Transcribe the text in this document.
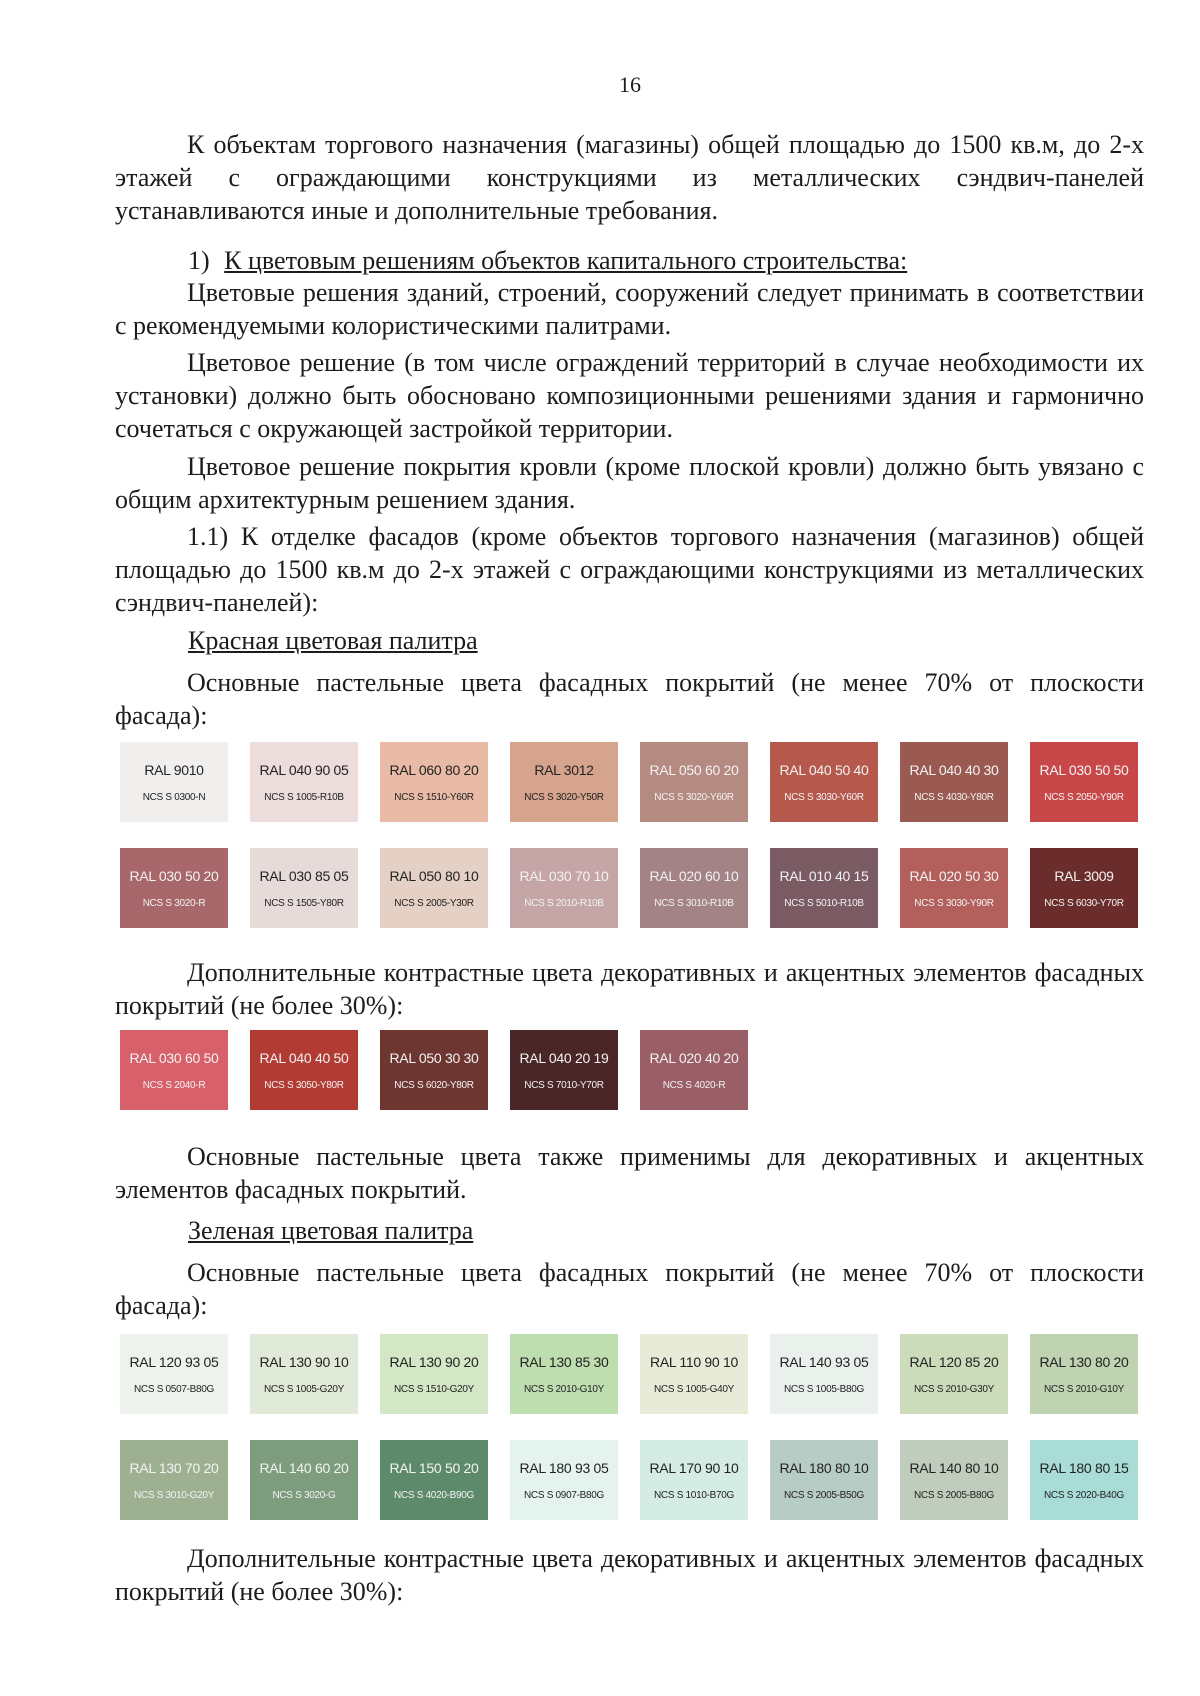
16
К объектам торгового назначения (магазины) общей площадью до 1500 кв.м, до 2-х этажей с ограждающими конструкциями из металлических сэндвич-панелей устанавливаются иные и дополнительные требования.
1) К цветовым решениям объектов капитального строительства:
Цветовые решения зданий, строений, сооружений следует принимать в соответствии с рекомендуемыми колористическими палитрами.
Цветовое решение (в том числе ограждений территорий в случае необходимости их установки) должно быть обосновано композиционными решениями здания и гармонично сочетаться с окружающей застройкой территории.
Цветовое решение покрытия кровли (кроме плоской кровли) должно быть увязано с общим архитектурным решением здания.
1.1) К отделке фасадов (кроме объектов торгового назначения (магазинов) общей площадью до 1500 кв.м до 2-х этажей с ограждающими конструкциями из металлических сэндвич-панелей):
Красная цветовая палитра
Основные пастельные цвета фасадных покрытий (не менее 70% от плоскости фасада):
RAL 9010
NCS S 0300-N
RAL 040 90 05
NCS S 1005-R10B
RAL 060 80 20
NCS S 1510-Y60R
RAL 3012
NCS S 3020-Y50R
RAL 050 60 20
NCS S 3020-Y60R
RAL 040 50 40
NCS S 3030-Y60R
RAL 040 40 30
NCS S 4030-Y80R
RAL 030 50 50
NCS S 2050-Y90R
RAL 030 50 20
NCS S 3020-R
RAL 030 85 05
NCS S 1505-Y80R
RAL 050 80 10
NCS S 2005-Y30R
RAL 030 70 10
NCS S 2010-R10B
RAL 020 60 10
NCS S 3010-R10B
RAL 010 40 15
NCS S 5010-R10B
RAL 020 50 30
NCS S 3030-Y90R
RAL 3009
NCS S 6030-Y70R
Дополнительные контрастные цвета декоративных и акцентных элементов фасадных покрытий (не более 30%):
RAL 030 60 50
NCS S 2040-R
RAL 040 40 50
NCS S 3050-Y80R
RAL 050 30 30
NCS S 6020-Y80R
RAL 040 20 19
NCS S 7010-Y70R
RAL 020 40 20
NCS S 4020-R
Основные пастельные цвета также применимы для декоративных и акцентных элементов фасадных покрытий.
Зеленая цветовая палитра
Основные пастельные цвета фасадных покрытий (не менее 70% от плоскости фасада):
RAL 120 93 05
NCS S 0507-B80G
RAL 130 90 10
NCS S 1005-G20Y
RAL 130 90 20
NCS S 1510-G20Y
RAL 130 85 30
NCS S 2010-G10Y
RAL 110 90 10
NCS S 1005-G40Y
RAL 140 93 05
NCS S 1005-B80G
RAL 120 85 20
NCS S 2010-G30Y
RAL 130 80 20
NCS S 2010-G10Y
RAL 130 70 20
NCS S 3010-G20Y
RAL 140 60 20
NCS S 3020-G
RAL 150 50 20
NCS S 4020-B90G
RAL 180 93 05
NCS S 0907-B80G
RAL 170 90 10
NCS S 1010-B70G
RAL 180 80 10
NCS S 2005-B50G
RAL 140 80 10
NCS S 2005-B80G
RAL 180 80 15
NCS S 2020-B40G
Дополнительные контрастные цвета декоративных и акцентных элементов фасадных покрытий (не более 30%):
